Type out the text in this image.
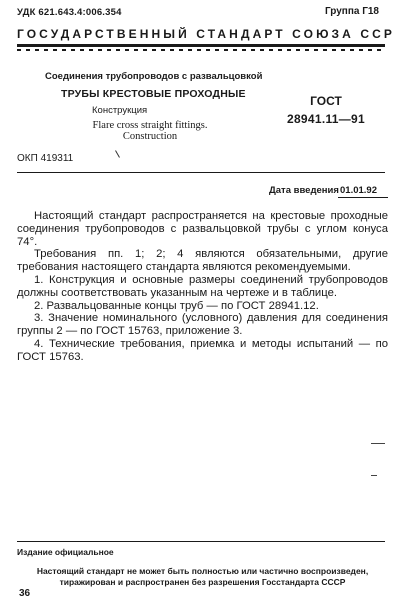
УДК 621.643.4:006.354	Группа Г18
ГОСУДАРСТВЕННЫЙ СТАНДАРТ СОЮЗА ССР
Соединения трубопроводов с развальцовкой
ТРУБЫ КРЕСТОВЫЕ ПРОХОДНЫЕ
Конструкция
Flare cross straight fittings.
Construction
ГОСТ
28941.11—91
ОКП 419311
Дата введения 01.01.92

Настоящий стандарт распространяется на крестовые проходные соединения трубопроводов с развальцовкой трубы с углом конуса 74°.

Требования пп. 1; 2; 4 являются обязательными, другие требования настоящего стандарта являются рекомендуемыми.

1. Конструкция и основные размеры соединений трубопроводов должны соответствовать указанным на чертеже и в таблице.

2. Развальцованные концы труб — по ГОСТ 28941.12.

3. Значение номинального (условного) давления для соединения группы 2 — по ГОСТ 15763, приложение 3.

4. Технические требования, приемка и методы испытаний — по ГОСТ 15763.

Издание официальное
Настоящий стандарт не может быть полностью или частично воспроизведен,
тиражирован и распространен без разрешения Госстандарта СССР
36
